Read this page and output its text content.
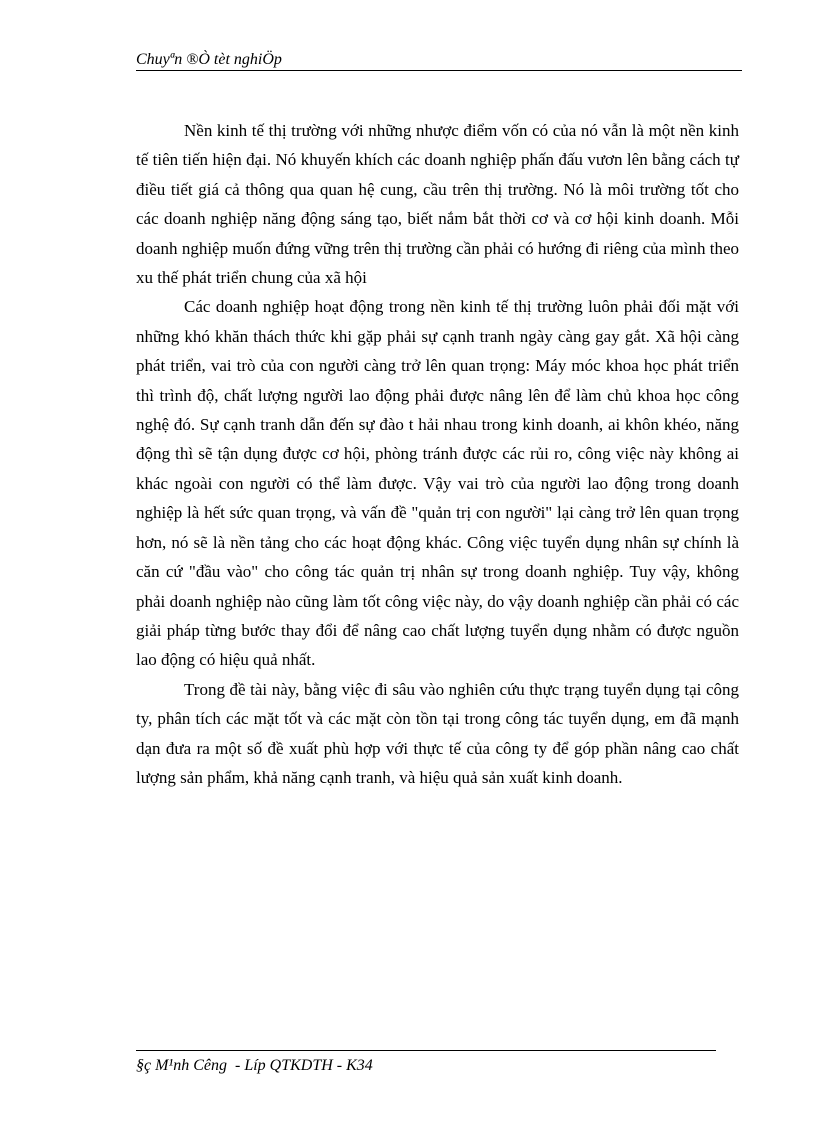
Chuyªn ®Ò tèt nghiÖp

Nền kinh tế thị trường với những nhược điểm vốn có của nó vẫn là một nền kinh tế tiên tiến hiện đại. Nó khuyến khích các doanh nghiệp phấn đấu vươn lên bằng cách tự điều tiết giá cả thông qua quan hệ cung, cầu trên thị trường. Nó là môi trường tốt cho các doanh nghiệp năng động sáng tạo, biết nắm bắt thời cơ và cơ hội kinh doanh. Mỗi doanh nghiệp muốn đứng vững trên thị trường cần phải có hướng đi riêng của mình theo xu thế phát triển chung của xã hội

Các doanh nghiệp hoạt động trong nền kinh tế thị trường luôn phải đối mặt với những khó khăn thách thức khi gặp phải sự cạnh tranh ngày càng gay gắt. Xã hội càng phát triển, vai trò của con người càng trở lên quan trọng: Máy móc khoa học phát triển thì trình độ, chất lượng người lao động phải được nâng lên để làm chủ khoa học công nghệ đó. Sự cạnh tranh dẫn đến sự đào t hải nhau trong kinh doanh, ai khôn khéo, năng động thì sẽ tận dụng được cơ hội, phòng tránh được các rủi ro, công việc này không ai khác ngoài con người có thể làm được. Vậy vai trò của người lao động trong doanh nghiệp là hết sức quan trọng, và vấn đề "quản trị con người" lại càng trở lên quan trọng hơn, nó sẽ là nền tảng cho các hoạt động khác. Công việc tuyển dụng nhân sự chính là căn cứ "đầu vào" cho công tác quản trị nhân sự trong doanh nghiệp. Tuy vậy, không phải doanh nghiệp nào cũng làm tốt công việc này, do vậy doanh nghiệp cần phải có các giải pháp từng bước thay đổi để nâng cao chất lượng tuyển dụng nhằm có được nguồn lao động có hiệu quả nhất.

Trong đề tài này, bằng việc đi sâu vào nghiên cứu thực trạng tuyển dụng tại công ty, phân tích các mặt tốt và các mặt còn tồn tại trong công tác tuyển dụng, em đã mạnh dạn đưa ra một số đề xuất phù hợp với thực tế của công ty để góp phần nâng cao chất lượng sản phẩm, khả năng cạnh tranh, và hiệu quả sản xuất kinh doanh.

§ç M¹nh Cêng  - Líp QTKDTH - K34
